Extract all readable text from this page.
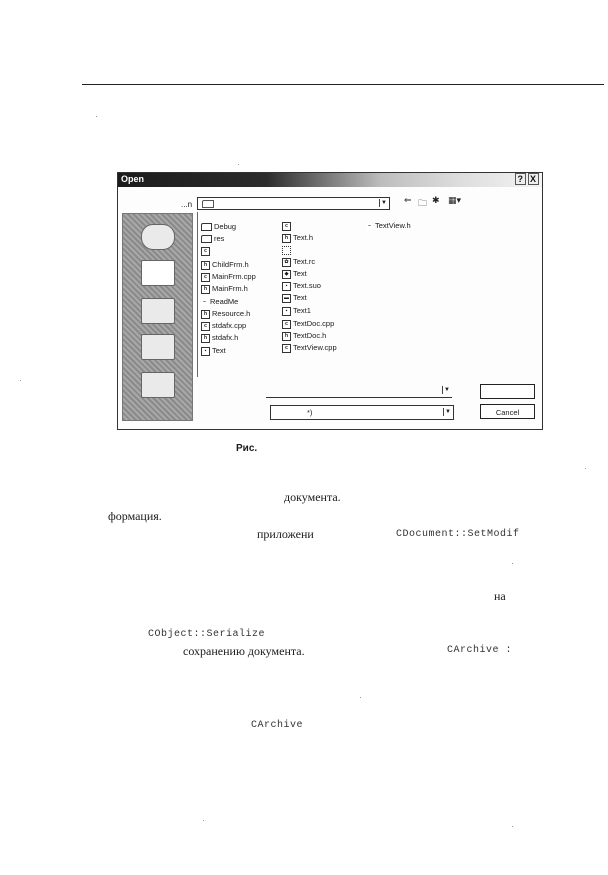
Open	? X
...n	▼ ⇐ 🗀 ✱ ▦▾
Debug
res
c
h ChildFrm.h
c MainFrm.cpp
h MainFrm.h
– ReadMe
h Resource.h
c stdafx.cpp
h stdafx.h
▪ Text
c
h Text.h
✿ Text.rc
◆ Text
▪ Text.suo
▬ Text
▪ Text1
c TextDoc.cpp
h TextDoc.h
c TextView.cpp
– TextView.h
▼
*)	▼	Cancel
Рис.
документа.
формация.
приложени	CDocument::SetModif
на
CObject::Serialize
сохранению документа.	CArchive :
CArchive
